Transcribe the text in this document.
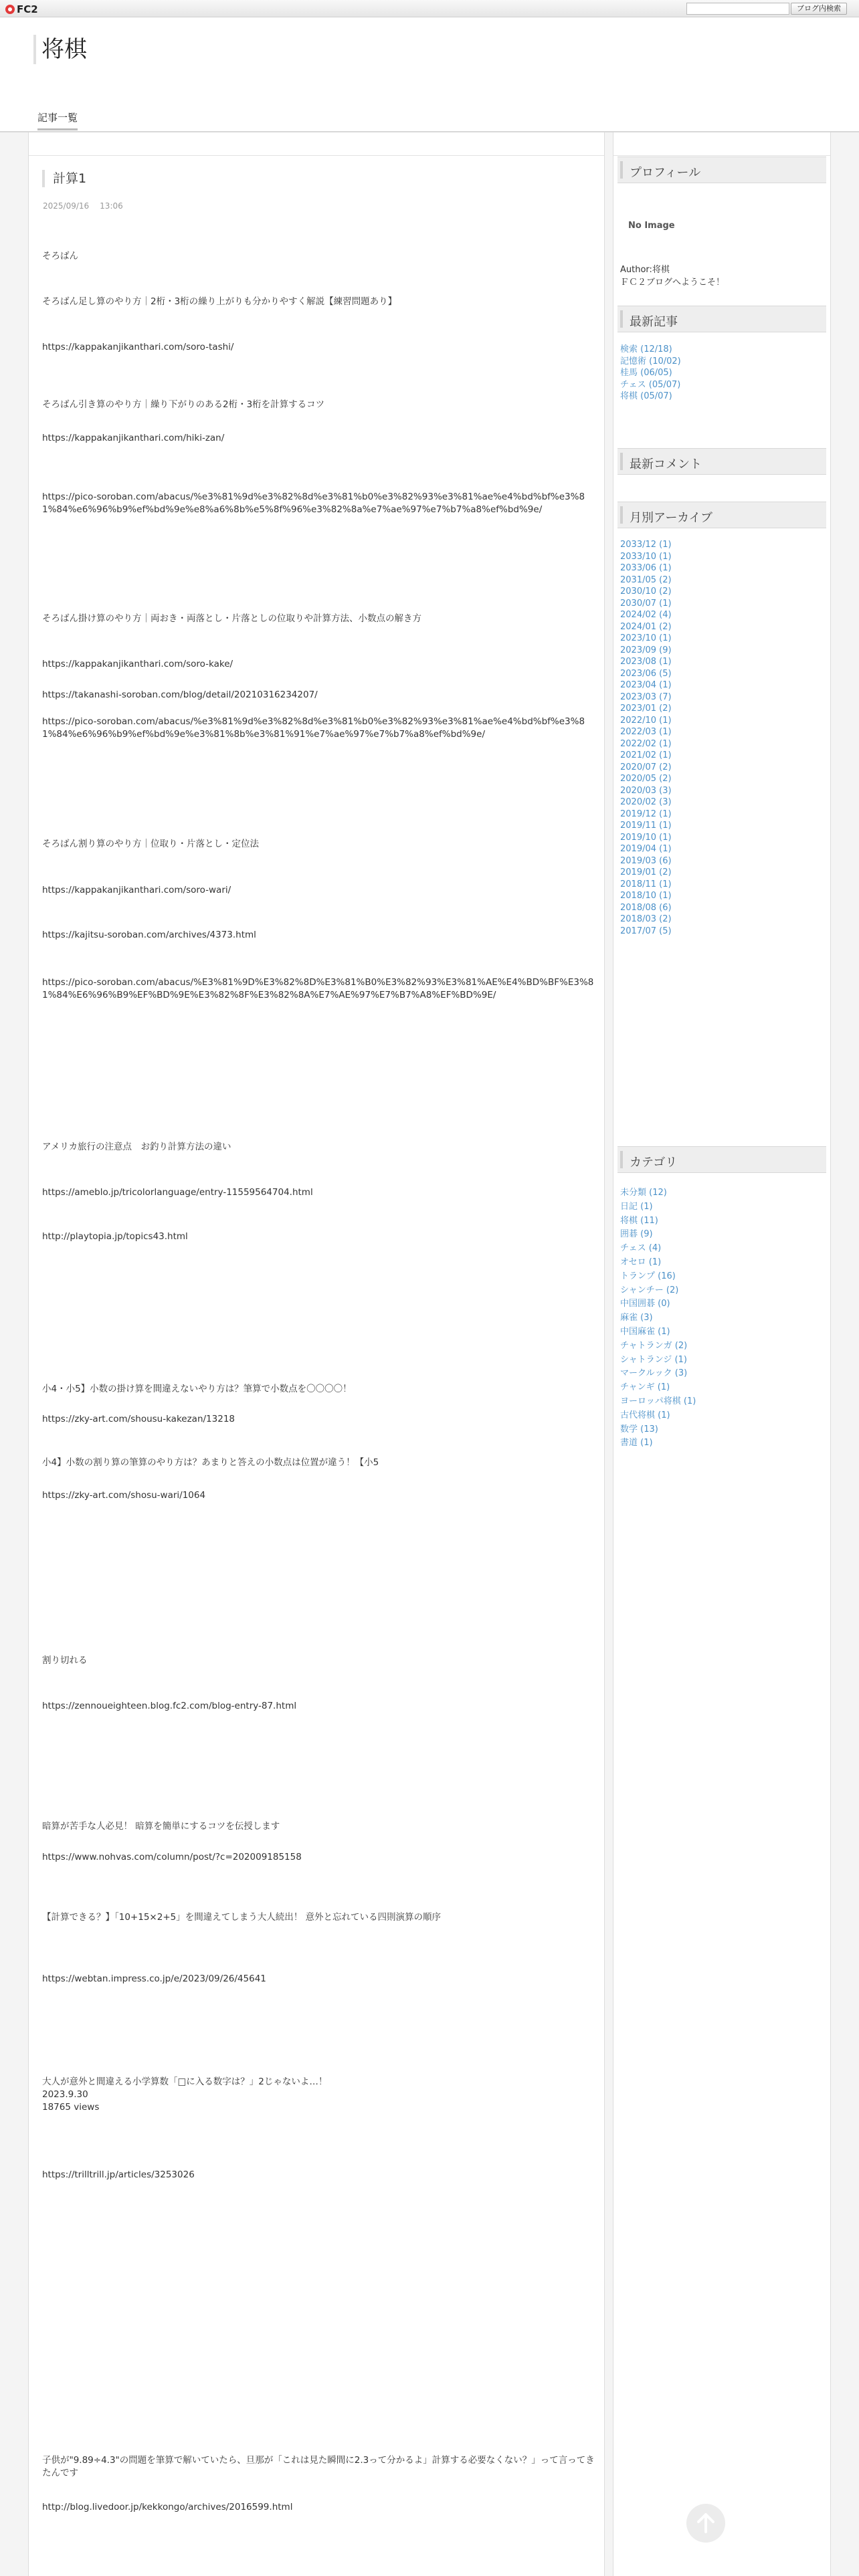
FC2	ブログ内検索
将棋
記事一覧
計算1
2025/09/16 13:06
そろばん
そろばん足し算のやり方｜2桁・3桁の繰り上がりも分かりやすく解説【練習問題あり】
https://kappakanjikanthari.com/soro-tashi/
そろばん引き算のやり方｜繰り下がりのある2桁・3桁を計算するコツ
https://kappakanjikanthari.com/hiki-zan/
https://pico-soroban.com/abacus/%e3%81%9d%e3%82%8d%e3%81%b0%e3%82%93%e3%81%ae%e4%bd%bf%e3%81%84%e6%96%b9%ef%bd%9e%e8%a6%8b%e5%8f%96%e3%82%8a%e7%ae%97%e7%b7%a8%ef%bd%9e/
そろばん掛け算のやり方｜両おき・両落とし・片落としの位取りや計算方法、小数点の解き方
https://kappakanjikanthari.com/soro-kake/
https://takanashi-soroban.com/blog/detail/20210316234207/
https://pico-soroban.com/abacus/%e3%81%9d%e3%82%8d%e3%81%b0%e3%82%93%e3%81%ae%e4%bd%bf%e3%81%84%e6%96%b9%ef%bd%9e%e3%81%8b%e3%81%91%e7%ae%97%e7%b7%a8%ef%bd%9e/
そろばん割り算のやり方｜位取り・片落とし・定位法
https://kappakanjikanthari.com/soro-wari/
https://kajitsu-soroban.com/archives/4373.html
https://pico-soroban.com/abacus/%E3%81%9D%E3%82%8D%E3%81%B0%E3%82%93%E3%81%AE%E4%BD%BF%E3%81%84%E6%96%B9%EF%BD%9E%E3%82%8F%E3%82%8A%E7%AE%97%E7%B7%A8%EF%BD%9E/
アメリカ旅行の注意点　お釣り計算方法の違い
https://ameblo.jp/tricolorlanguage/entry-11559564704.html
http://playtopia.jp/topics43.html
小4・小5】小数の掛け算を間違えないやり方は？筆算で小数点を〇〇〇〇！
https://zky-art.com/shousu-kakezan/13218
小4】小数の割り算の筆算のやり方は？あまりと答えの小数点は位置が違う！【小5
https://zky-art.com/shosu-wari/1064
割り切れる
https://zennoueighteen.blog.fc2.com/blog-entry-87.html
暗算が苦手な人必見！ 暗算を簡単にするコツを伝授します
https://www.nohvas.com/column/post/?c=202009185158
【計算できる？】「10+15×2+5」を間違えてしまう大人続出！ 意外と忘れている四則演算の順序
https://webtan.impress.co.jp/e/2023/09/26/45641
大人が意外と間違える小学算数「□に入る数字は？」2じゃないよ…！
2023.9.30
18765 views
https://trilltrill.jp/articles/3253026
子供が"9.89÷4.3"の問題を筆算で解いていたら、旦那が「これは見た瞬間に2.3って分かるよ」計算する必要なくない？」って言ってきたんです
http://blog.livedoor.jp/kekkongo/archives/2016599.html
プロフィール
No Image
Author:将棋
ＦＣ２ブログへようこそ！
最新記事
検索 (12/18)
記憶術 (10/02)
桂馬 (06/05)
チェス (05/07)
将棋 (05/07)
最新コメント
月別アーカイブ
2033/12 (1)
2033/10 (1)
2033/06 (1)
2031/05 (2)
2030/10 (2)
2030/07 (1)
2024/02 (4)
2024/01 (2)
2023/10 (1)
2023/09 (9)
2023/08 (1)
2023/06 (5)
2023/04 (1)
2023/03 (7)
2023/01 (2)
2022/10 (1)
2022/03 (1)
2022/02 (1)
2021/02 (1)
2020/07 (2)
2020/05 (2)
2020/03 (3)
2020/02 (3)
2019/12 (1)
2019/11 (1)
2019/10 (1)
2019/04 (1)
2019/03 (6)
2019/01 (2)
2018/11 (1)
2018/10 (1)
2018/08 (6)
2018/03 (2)
2017/07 (5)
カテゴリ
未分類 (12)
日記 (1)
将棋 (11)
囲碁 (9)
チェス (4)
オセロ (1)
トランプ (16)
シャンチー (2)
中国囲碁 (0)
麻雀 (3)
中国麻雀 (1)
チャトランガ (2)
シャトランジ (1)
マークルック (3)
チャンギ (1)
ヨーロッパ将棋 (1)
古代将棋 (1)
数学 (13)
書道 (1)
